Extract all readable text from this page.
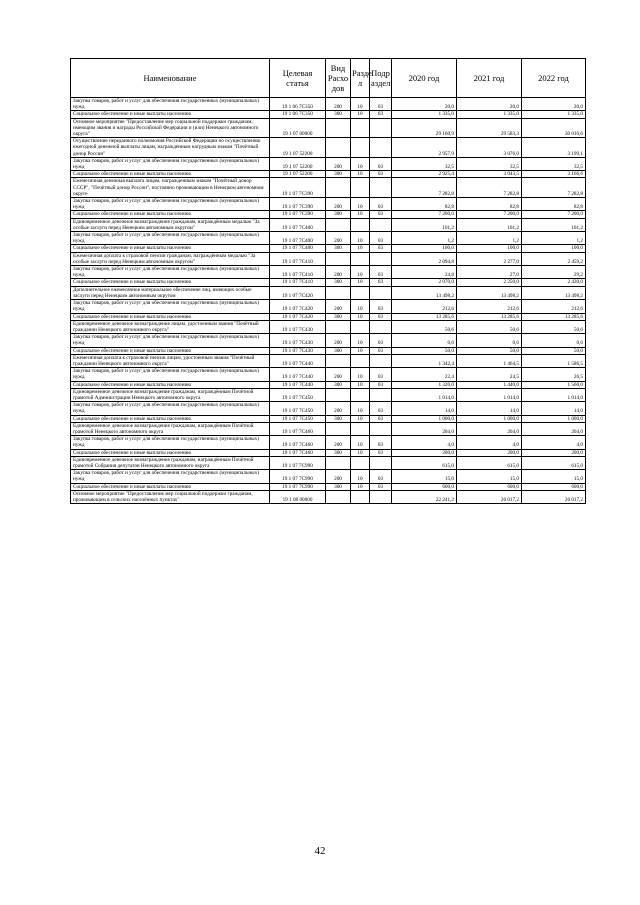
Наименование	Целевая статья	Вид Расхо дов	Разде л	Подр аздел	2020 год	2021 год	2022 год
Закупка товаров, работ и услуг для обеспечения государственных (муниципальных) нужд	19 1 06 7С350	200	10	03	20,0	20,0	20,0
Социальное обеспечение и иные выплаты населению	19 1 06 7С350	300	10	03	1 335,0	1 335,0	1 335,0
Основное мероприятие "Предоставление мер социальной поддержки гражданам, имеющим звания и награды Российской Федерации и (или) Ненецкого автономного округа"	19 1 07 00000				29 160,9	29 583,3	30 010,6
Осуществление переданного полномочия Российской Федерации по осуществлению ежегодной денежной выплаты лицам, награжденным нагрудным знаком "Почётный донор России"	19 1 07 52200				2 957,9	3 076,0	3 199,1
Закупка товаров, работ и услуг для обеспечения государственных (муниципальных) нужд	19 1 07 52200	200	10	03	32,5	32,5	32,5
Социальное обеспечение и иные выплаты населению	19 1 07 52200	300	10	03	2 925,4	3 043,5	3 166,6
Ежемесячная денежная выплата лицам, награжденным знаком "Почётный донор СССР", "Почётный донор России", постоянно проживающим в Ненецком автономном округе	19 1 07 7С390				7 282,8	7 282,8	7 282,8
Закупка товаров, работ и услуг для обеспечения государственных (муниципальных) нужд	19 1 07 7С390	200	10	03	82,8	82,8	82,8
Социальное обеспечение и иные выплаты населению	19 1 07 7С390	300	10	03	7 200,0	7 200,0	7 200,0
Единовременное денежное вознаграждение гражданам, награждённым медалью "За особые заслуги перед Ненецким автономным округом"	19 1 07 7С400				101,2	101,2	101,2
Закупка товаров, работ и услуг для обеспечения государственных (муниципальных) нужд	19 1 07 7С400	200	10	03	1,2	1,2	1,2
Социальное обеспечение и иные выплаты населению	19 1 07 7С400	300	10	03	100,0	100,0	100,0
Ежемесячная доплата к страховой пенсии гражданам, награждённым медалью "За особые заслуги перед Ненецким автономным округом"	19 1 07 7С410				2 094,8	2 277,0	2 459,2
Закупка товаров, работ и услуг для обеспечения государственных (муниципальных) нужд	19 1 07 7С410	200	10	03	24,8	27,0	29,2
Социальное обеспечение и иные выплаты населению	19 1 07 7С410	300	10	03	2 070,0	2 250,0	2 430,0
Дополнительное ежемесячное материальное обеспечение лиц, имеющих особые заслуги перед Ненецким автономным округом	19 1 07 7С420				13 498,2	13 498,2	13 498,2
Закупка товаров, работ и услуг для обеспечения государственных (муниципальных) нужд	19 1 07 7С420	200	10	03	212,6	212,6	212,6
Социальное обеспечение и иные выплаты населению	19 1 07 7С420	300	10	03	13 285,6	13 285,6	13 285,6
Единовременное денежное вознаграждение лицам, удостоенным звания "Почётный гражданин Ненецкого автономного округа"	19 1 07 7С430				50,6	50,6	50,6
Закупка товаров, работ и услуг для обеспечения государственных (муниципальных) нужд	19 1 07 7С430	200	10	03	0,6	0,6	0,6
Социальное обеспечение и иные выплаты населению	19 1 07 7С430	300	10	03	50,0	50,0	50,0
Ежемесячная доплата к страховой пенсии лицам, удостоенным звания "Почётный гражданин Ненецкого автономного округа"	19 1 07 7С440				1 342,4	1 464,5	1 586,5
Закупка товаров, работ и услуг для обеспечения государственных (муниципальных) нужд	19 1 07 7С440	200	10	03	22,4	24,5	26,5
Социальное обеспечение и иные выплаты населению	19 1 07 7С440	300	10	03	1 320,0	1 440,0	1 560,0
Единовременное денежное вознаграждение гражданам, награждённым Почётной грамотой Администрации Ненецкого автономного округа	19 1 07 7С450				1 014,0	1 014,0	1 014,0
Закупка товаров, работ и услуг для обеспечения государственных (муниципальных) нужд	19 1 07 7С450	200	10	03	14,0	14,0	14,0
Социальное обеспечение и иные выплаты населению	19 1 07 7С450	300	10	03	1 000,0	1 000,0	1 000,0
Единовременное денежное вознаграждение гражданам, награждённым Почётной грамотой Ненецкого автономного округа	19 1 07 7С460				204,0	204,0	204,0
Закупка товаров, работ и услуг для обеспечения государственных (муниципальных) нужд	19 1 07 7С460	200	10	03	4,0	4,0	4,0
Социальное обеспечение и иные выплаты населению	19 1 07 7С460	300	10	03	200,0	200,0	200,0
Единовременное денежное вознаграждение гражданам, награждённым Почётной грамотой Собрания депутатов Ненецкого автономного округа	19 1 07 7С990				615,0	615,0	615,0
Закупка товаров, работ и услуг для обеспечения государственных (муниципальных) нужд	19 1 07 7С990	200	10	03	15,0	15,0	15,0
Социальное обеспечение и иные выплаты населению	19 1 07 7С990	300	10	03	600,0	600,0	600,0
Основное мероприятие "Предоставление мер социальной поддержки гражданам, проживающим в сельских населённых пунктах"	19 1 08 00000				22 241,2	26 017,2	26 017,2
42
